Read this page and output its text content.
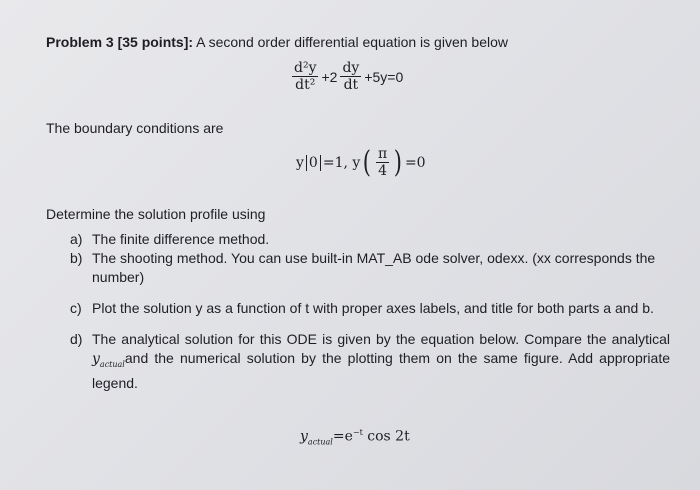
Problem 3 [35 points]: A second order differential equation is given below
$\frac{\text{d²y}}{\text{dt²}} +2 \frac{dy}{dt} +5y=0$
The boundary conditions are
y 0 =1, y ( $\frac{\pi}{4}$ ) =0
Determine the solution profile using
a) The finite difference method.
b) The shooting method. You can use built-in MAT_AB ode solver, odexx. (xx corresponds the number)
c) Plot the solution y as a function of t with proper axes labels, and title for both parts a and b.
d) The analytical solution for this ODE is given by the equation below. Compare the analytical $y_{actual}and$ the numerical solution by the plotting them on the same figure. Add appropriate legend.
$y_{actual}=e^{-t}$ cos 2t
